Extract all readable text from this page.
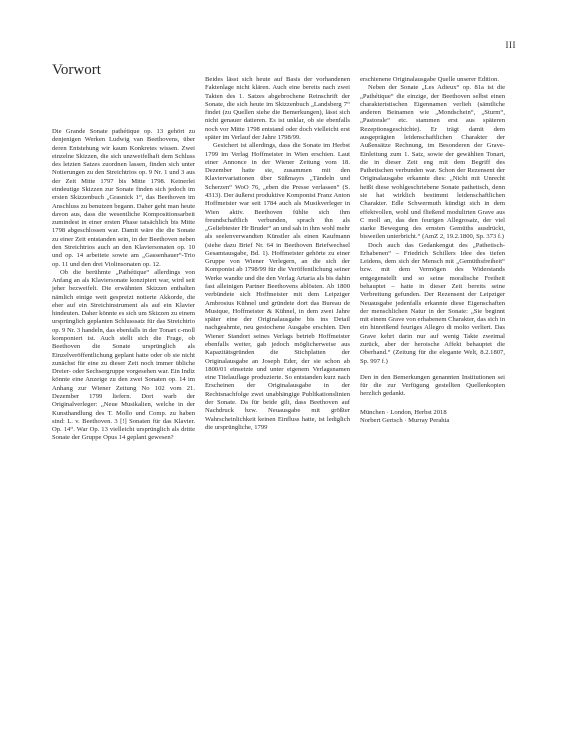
III
Vorwort

Die Grande Sonate pathétique op. 13 gehört zu denjenigen Werken Ludwig van Beethovens, über deren Entstehung wir kaum Konkretes wissen. Zwei einzelne Skizzen, die sich unzweifelhaft dem Schluss des letzten Satzes zuordnen lassen, finden sich unter Notierungen zu den Streichtrios op. 9 Nr. 1 und 3 aus der Zeit Mitte 1797 bis Mitte 1798. Keinerlei eindeutige Skizzen zur Sonate finden sich jedoch im ersten Skizzenbuch „Grasnick 1“, das Beethoven im Anschluss zu benutzen begann. Daher geht man heute davon aus, dass die wesentliche Kompositionsarbeit zumindest in einer ersten Phase tatsächlich bis Mitte 1798 abgeschlossen war. Damit wäre die die Sonate zu einer Zeit entstanden sein, in der Beethoven neben den Streichtrios auch an den Klaviersonaten op. 10 und op. 14 arbeitete sowie am „Gassenhauer“-Trio op. 11 und den drei Violinsonaten op. 12.

Ob die berühmte „Pathétique“ allerdings von Anfang an als Klaviersonate konzipiert war, wird seit jeher bezweifelt. Die erwähnten Skizzen enthalten nämlich einige weit gespreizt notierte Akkorde, die eher auf ein Streichinstrument als auf ein Klavier hindeuten. Daher könnte es sich um Skizzen zu einem ursprünglich geplanten Schlusssatz für das Streichtrio op. 9 Nr. 3 handeln, das ebenfalls in der Tonart c-moll komponiert ist. Auch stellt sich die Frage, ob Beethoven die Sonate ursprünglich als Einzelveröffentlichung geplant hatte oder ob sie nicht zunächst für eine zu dieser Zeit noch immer übliche Dreier- oder Sechsergruppe vorgesehen war. Ein Indiz könnte eine Anzeige zu den zwei Sonaten op. 14 im Anhang zur Wiener Zeitung No 102 vom 21. Dezember 1799 liefern. Dort warb der Originalverleger: „Neue Musikalien, welche in der Kunsthandlung des T. Mollo und Comp. zu haben sind: L. v. Beethoven. 3 [!] Sonaten für das Klavier. Op. 14“. War Op. 13 vielleicht ursprünglich als dritte Sonate der Gruppe Opus 14 geplant gewesen?

Beides lässt sich heute auf Basis der vorhandenen Faktenlage nicht klären. Auch eine bereits nach zwei Takten des 1. Satzes abgebrochene Reinschrift der Sonate, die sich heute im Skizzenbuch „Landsberg 7“ findet (zu Quellen siehe die Bemerkungen), lässt sich nicht genauer datieren. Es ist unklar, ob sie ebenfalls noch vor Mitte 1798 entstand oder doch vielleicht erst später im Verlauf der Jahre 1798/99.

Gesichert ist allerdings, dass die Sonate im Herbst 1799 im Verlag Hoffmeister in Wien erschien. Laut einer Annonce in der Wiener Zeitung vom 18. Dezember hatte sie, zusammen mit den Klaviervariationen über Süßmayrs „Tändeln und Scherzen“ WoO 76, „eben die Presse verlassen“ (S. 4313). Der äußerst produktive Komponist Franz Anton Hoffmeister war seit 1784 auch als Musikverleger in Wien aktiv. Beethoven fühlte sich ihm freundschaftlich verbunden, sprach ihn als „Geliebtester Hr Bruder“ an und sah in ihm wohl mehr als seelenverwandten Künstler als einen Kaufmann (siehe dazu Brief Nr. 64 in Beethoven Briefwechsel Gesamtausgabe, Bd. 1). Hoffmeister gehörte zu einer Gruppe von Wiener Verlegern, an die sich der Komponist ab 1798/99 für die Veröffentlichung seiner Werke wandte und die den Verlag Artaria als bis dahin fast alleinigen Partner Beethovens ablösten. Ab 1800 verbündete sich Hoffmeister mit dem Leipziger Ambrosius Kühnel und gründete dort das Bureau de Musique, Hoffmeister & Kühnel, in dem zwei Jahre später eine der Originalausgabe bis ins Detail nachgeahmte, neu gestochene Ausgabe erschien. Den Wiener Standort seines Verlags betrieb Hoffmeister ebenfalls weiter, gab jedoch möglicherweise aus Kapazitätsgründen die Stichplatten der Originalausgabe an Joseph Eder, der sie schon ab 1800/01 einsetzte und unter eigenem Verlagsnamen eine Titelauflage produzierte. So entstanden kurz nach Erscheinen der Originalausgabe in der Rechtsnachfolge zwei unabhängige Publikationslinien der Sonate. Da für beide gilt, dass Beethoven auf Nachdruck bzw. Neuausgabe mit größter Wahrscheinlichkeit keinen Einfluss hatte, ist lediglich die ursprüngliche, 1799

erschienene Originalausgabe Quelle unserer Edition.

Neben der Sonate „Les Adieux“ op. 81a ist die „Pathétique“ die einzige, der Beethoven selbst einen charakteristischen Eigennamen verlieh (sämtliche anderen Beinamen wie „Mondschein“, „Sturm“, „Pastorale“ etc. stammen erst aus späteren Rezeptionsgeschichte). Er trägt damit dem ausgeprägten leidenschaftlichen Charakter der Außensätze Rechnung, im Besonderen der Grave-Einleitung zum 1. Satz, sowie der gewählten Tonart, die in dieser Zeit eng mit dem Begriff des Pathetischen verbunden war. Schon der Rezensent der Originalausgabe erkannte dies: „Nicht mit Unrecht heißt diese wohlgeschriebene Sonate pathetisch, denn sie hat wirklich bestimmt leidenschaftlichen Charakter. Edle Schwermuth kündigt sich in dem effektvollen, wohl und fließend modulirten Grave aus C moll an, das den feurigen Allegrosatz, der viel starke Bewegung des ernsten Gemüths ausdrückt, bisweilen unterbricht.“ (AmZ 2, 19.2.1800, Sp. 373 f.)

Doch auch das Gedankengut des „Pathetisch-Erhabenen“ – Friedrich Schillers Idee des tiefen Leidens, dem sich der Mensch mit „Gemüthsfreiheit“ bzw. mit dem Vermögen des Widerstands entgegenstellt und so seine moralische Freiheit behauptet – hatte in dieser Zeit bereits seine Verbreitung gefunden. Der Rezensent der Leipziger Neuausgabe jedenfalls erkannte diese Eigenschaften der menschlichen Natur in der Sonate: „Sie beginnt mit einem Grave von erhabenem Charakter, das sich in ein hinreißend feuriges Allegro di molto verliert. Das Grave kehrt darin nur auf wenig Takte zweimal zurück, aber der heroische Affekt behauptet die Oberhand.“ (Zeitung für die elegante Welt, 8.2.1807, Sp. 997 f.)

Den in den Bemerkungen genannten Institutionen sei für die zur Verfügung gestellten Quellenkopien herzlich gedankt.

München · London, Herbst 2018
Norbert Gertsch · Murray Perahia
